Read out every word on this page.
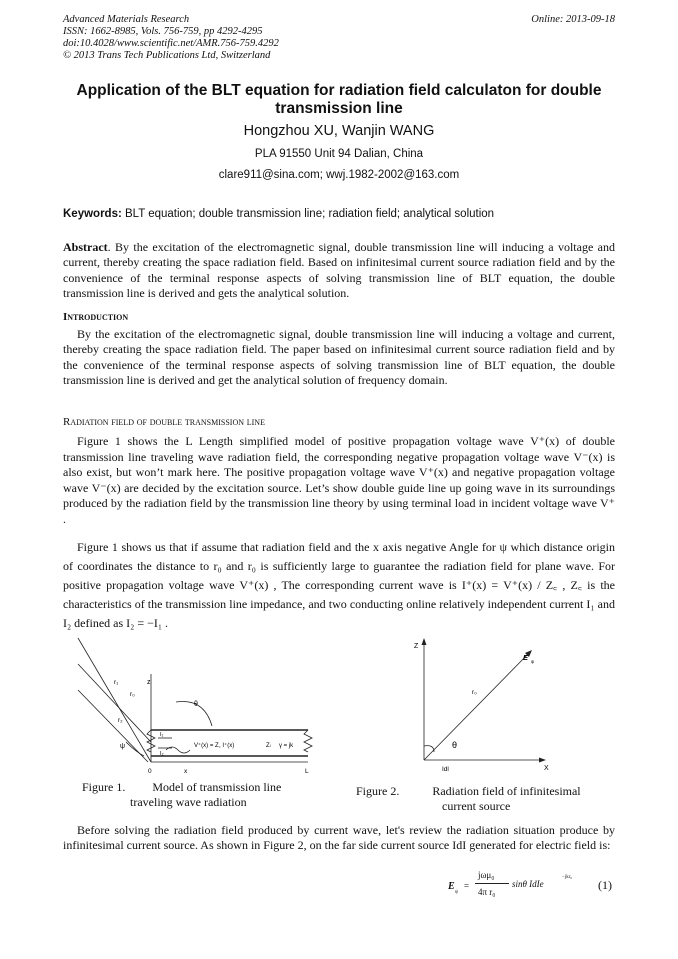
Advanced Materials Research
ISSN: 1662-8985, Vols. 756-759, pp 4292-4295
doi:10.4028/www.scientific.net/AMR.756-759.4292
© 2013 Trans Tech Publications Ltd, Switzerland
Online: 2013-09-18
Application of the BLT equation for radiation field calculaton for double transmission line
Hongzhou XU, Wanjin WANG
PLA 91550 Unit 94 Dalian, China
clare911@sina.com; wwj.1982-2002@163.com
Keywords: BLT equation; double transmission line; radiation field; analytical solution
Abstract. By the excitation of the electromagnetic signal, double transmission line will inducing a voltage and current, thereby creating the space radiation field. Based on infinitesimal current source radiation field and by the convenience of the terminal response aspects of solving transmission line of BLT equation, the double transmission line is derived and gets the analytical solution.
Introduction
By the excitation of the electromagnetic signal, double transmission line will inducing a voltage and current, thereby creating the space radiation field. The paper based on infinitesimal current source radiation field and by the convenience of the terminal response aspects of solving transmission line of BLT equation, the double transmission line is derived and get the analytical solution of frequency domain.
Radiation field of double transmission line
Figure 1 shows the L Length simplified model of positive propagation voltage wave V⁺(x) of double transmission line traveling wave radiation field, the corresponding negative propagation voltage wave V⁻(x) is also exist, but won’t mark here. The positive propagation voltage wave V⁺(x) and negative propagation voltage wave V⁻(x) are decided by the excitation source. Let’s show double guide line up going wave in its surroundings produced by the radiation field by the transmission line theory by using terminal load in incident voltage wave V⁺ .
Figure 1 shows us that if assume that radiation field and the x axis negative Angle for ψ which distance origin of coordinates the distance to r₀ and r₀ is sufficiently large to guarantee the radiation field for plane wave. For positive propagation voltage wave V⁺(x) , The corresponding current wave is I⁺(x) = V⁺(x) / Z꜀ , Z꜀ is the characteristics of the transmission line impedance, and two conducting online relatively independent current I₁ and I₂ defined as I₂ = −I₁ .
r₁
r₀
r₂
z
θ
ψ
I₁
I₂
V⁺(x) = Z꜀ I⁺(x)	Zₗ γ = jk
0	x	L
Figure 1. Model of transmission line
traveling wave radiation
Z
X
E ψ
r₀
θ
Idl
Figure 2.	Radiation field of infinitesimal
current source
Before solving the radiation field produced by current wave, let's review the radiation situation produce by infinitesimal current source. As shown in Figure 2, on the far side current source IdI generated for electric field is:
E
ψ
=
jωμ₀
4π r₀
sinθ IdIe
−jkr₀
(1)
